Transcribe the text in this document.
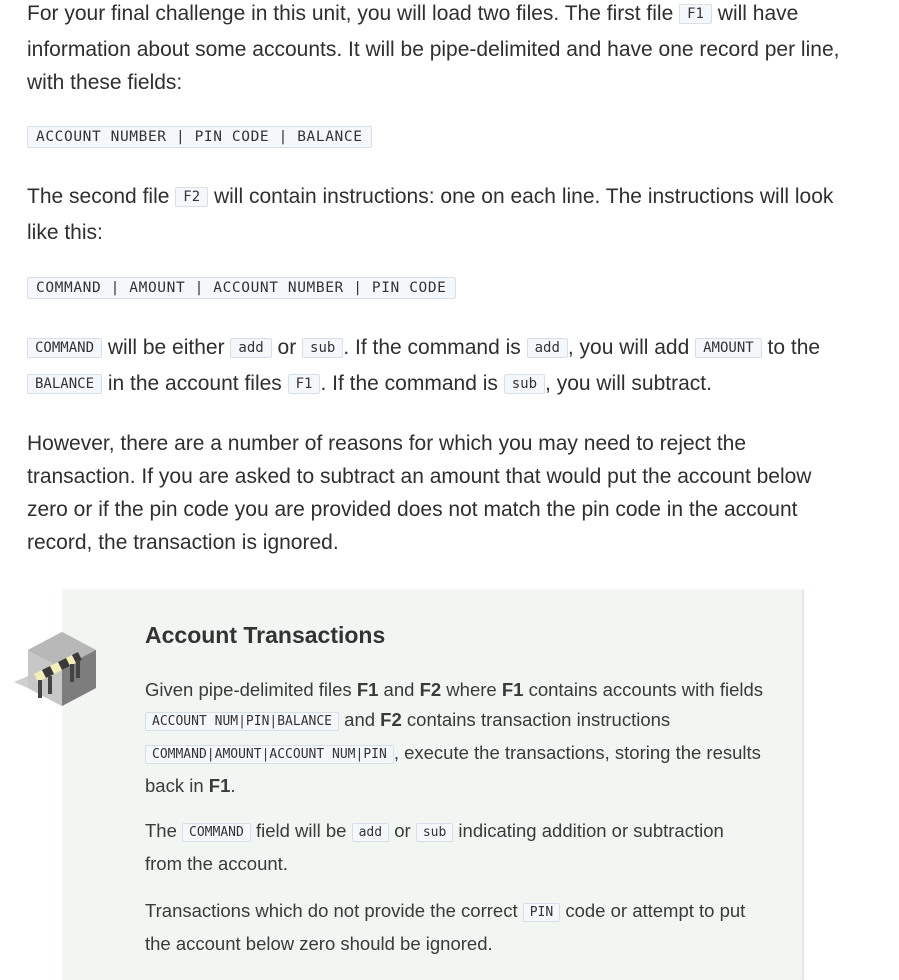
For your final challenge in this unit, you will load two files. The first file F1 will have information about some accounts. It will be pipe-delimited and have one record per line, with these fields:

ACCOUNT NUMBER | PIN CODE | BALANCE

The second file F2 will contain instructions: one on each line. The instructions will look like this:

COMMAND | AMOUNT | ACCOUNT NUMBER | PIN CODE

COMMAND will be either add or sub . If the command is add , you will add AMOUNT to the BALANCE in the account files F1 . If the command is sub , you will subtract.

However, there are a number of reasons for which you may need to reject the transaction. If you are asked to subtract an amount that would put the account below zero or if the pin code you are provided does not match the pin code in the account record, the transaction is ignored.

Account Transactions

Given pipe-delimited files F1 and F2 where F1 contains accounts with fields ACCOUNT NUM|PIN|BALANCE and F2 contains transaction instructions COMMAND|AMOUNT|ACCOUNT NUM|PIN , execute the transactions, storing the results back in F1.

The COMMAND field will be add or sub indicating addition or subtraction from the account.

Transactions which do not provide the correct PIN code or attempt to put the account below zero should be ignored.
